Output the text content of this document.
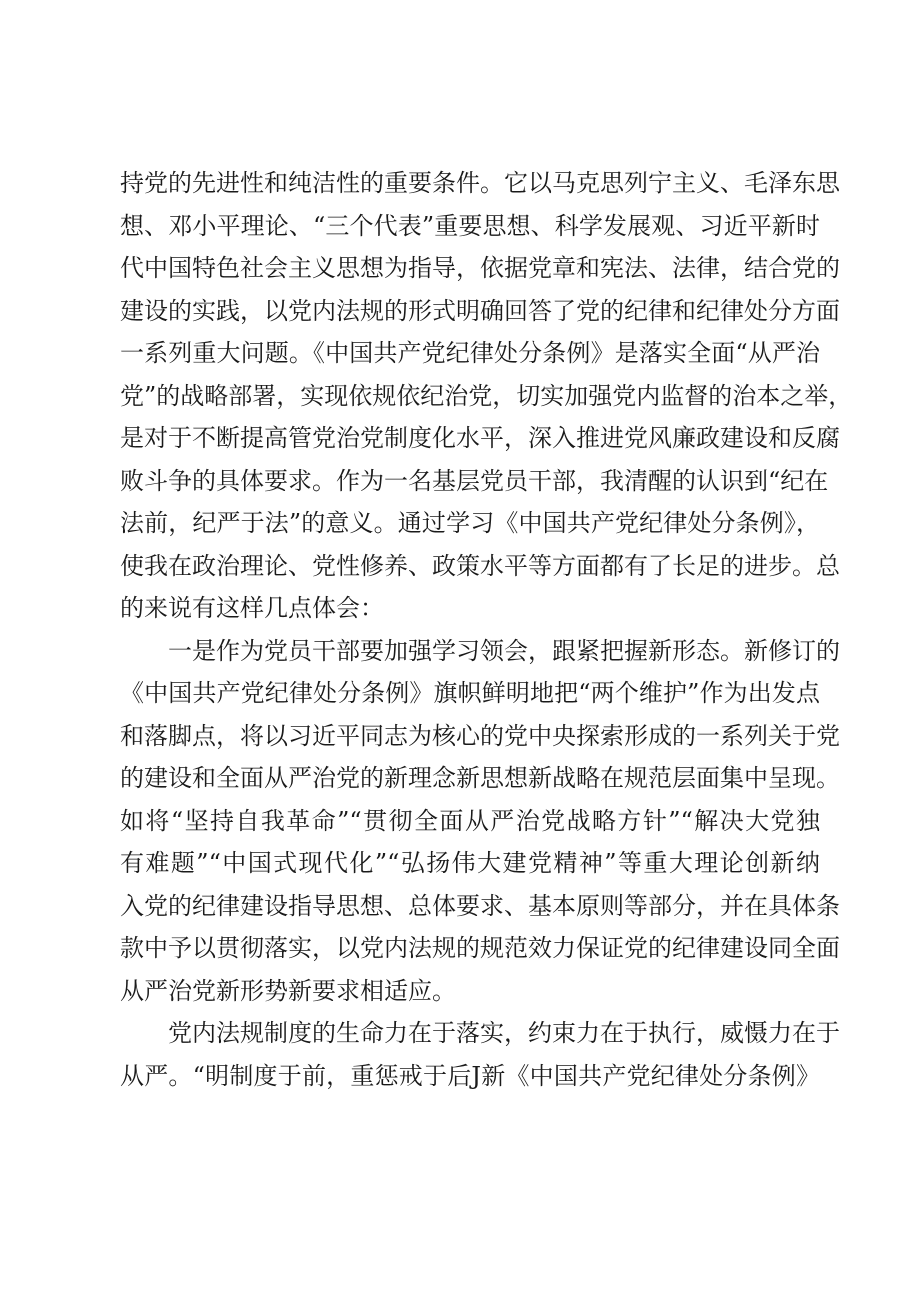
持党的先进性和纯洁性的重要条件。它以马克思列宁主义、毛泽东思
想、邓小平理论、“三个代表”重要思想、科学发展观、习近平新时
代中国特色社会主义思想为指导，依据党章和宪法、法律，结合党的
建设的实践，以党内法规的形式明确回答了党的纪律和纪律处分方面
一系列重大问题。《中国共产党纪律处分条例》是落实全面“从严治
党”的战略部署，实现依规依纪治党，切实加强党内监督的治本之举，
是对于不断提高管党治党制度化水平，深入推进党风廉政建设和反腐
败斗争的具体要求。作为一名基层党员干部，我清醒的认识到“纪在
法前，纪严于法”的意义。通过学习《中国共产党纪律处分条例》，
使我在政治理论、党性修养、政策水平等方面都有了长足的进步。总
的来说有这样几点体会：
一是作为党员干部要加强学习领会，跟紧把握新形态。新修订的
《中国共产党纪律处分条例》旗帜鲜明地把“两个维护”作为出发点
和落脚点，将以习近平同志为核心的党中央探索形成的一系列关于党
的建设和全面从严治党的新理念新思想新战略在规范层面集中呈现。
如将“坚持自我革命”“贯彻全面从严治党战略方针”“解决大党独
有难题”“中国式现代化”“弘扬伟大建党精神”等重大理论创新纳
入党的纪律建设指导思想、总体要求、基本原则等部分，并在具体条
款中予以贯彻落实，以党内法规的规范效力保证党的纪律建设同全面
从严治党新形势新要求相适应。
党内法规制度的生命力在于落实，约束力在于执行，威慑力在于
从严。“明制度于前，重惩戒于后J新《中国共产党纪律处分条例》
